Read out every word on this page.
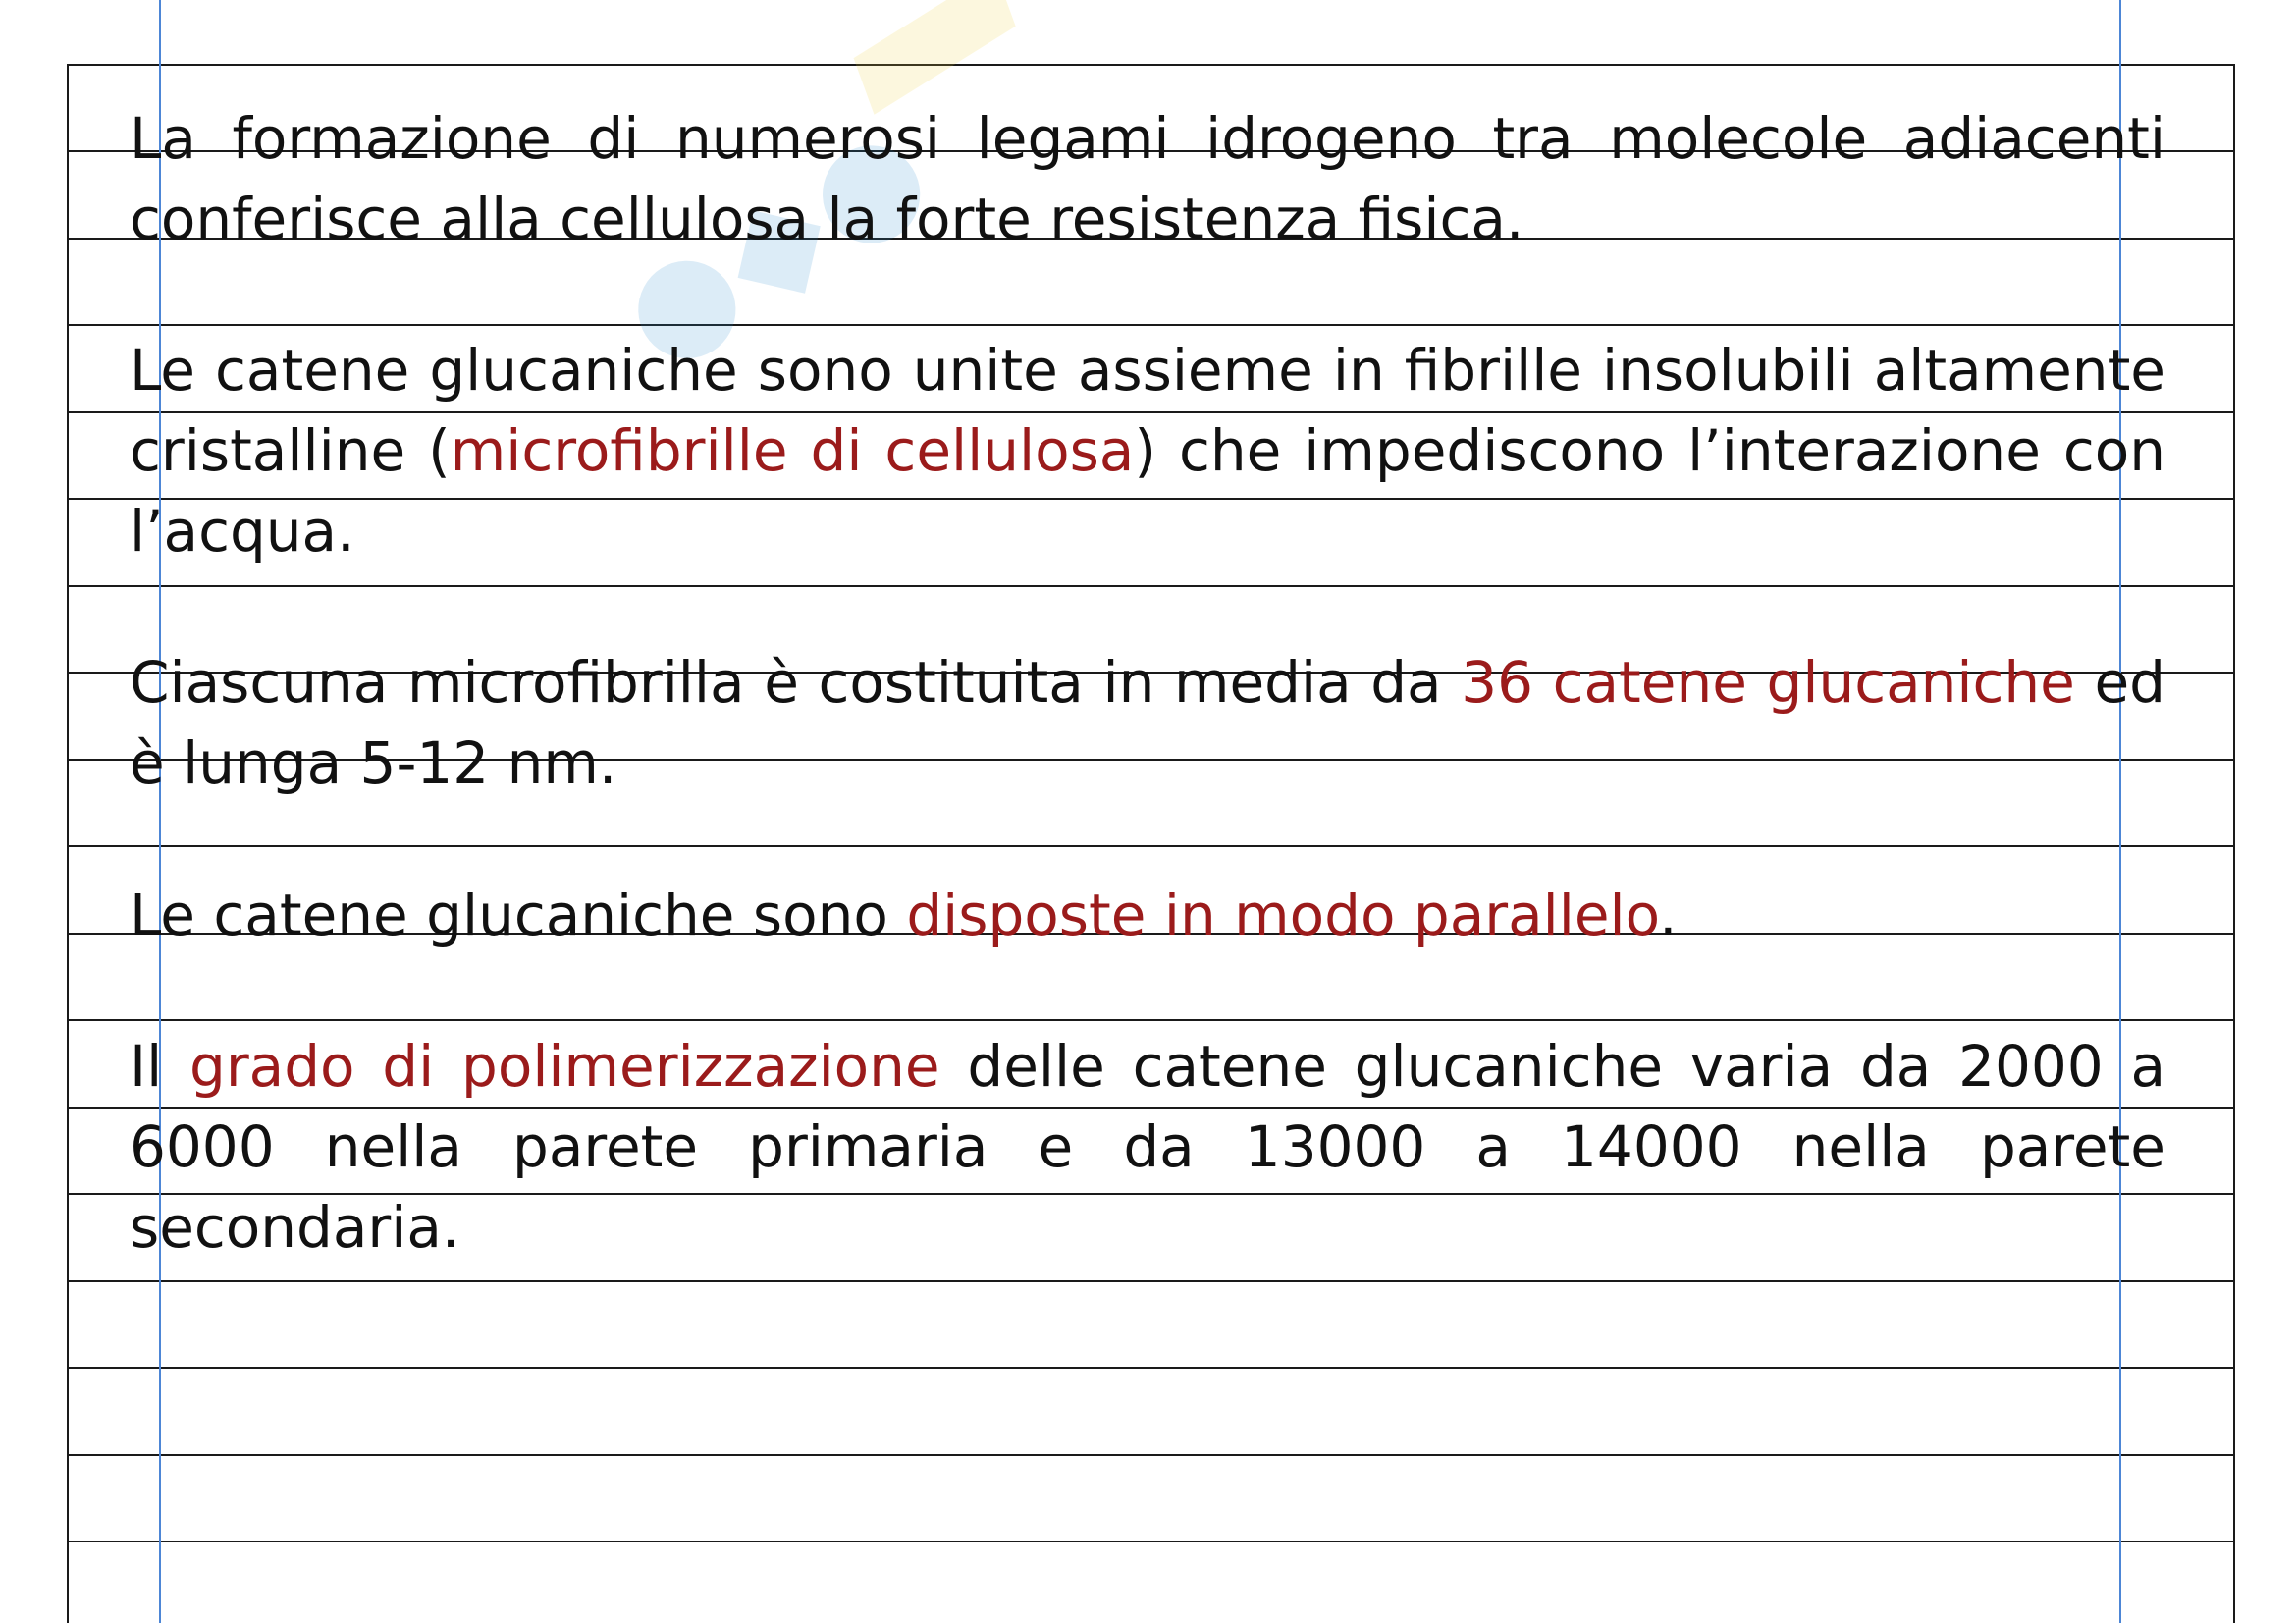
●◆●

La formazione di numerosi legami idrogeno tra molecole adiacenti conferisce alla cellulosa la forte resistenza fisica.

Le catene glucaniche sono unite assieme in fibrille insolubili altamente cristalline (microfibrille di cellulosa) che impediscono l’interazione con l’acqua.

Ciascuna microfibrilla è costituita in media da 36 catene glucaniche ed è lunga 5-12 nm.

Le catene glucaniche sono disposte in modo parallelo.

Il grado di polimerizzazione delle catene glucaniche varia da 2000 a 6000 nella parete primaria e da 13000 a 14000 nella parete secondaria.
